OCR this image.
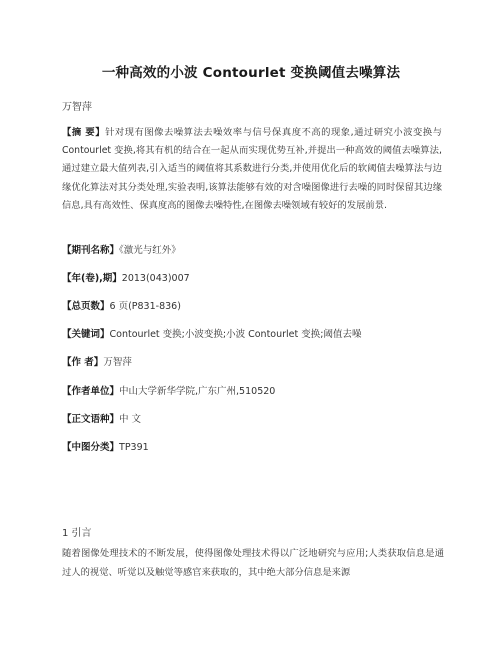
一种高效的小波 Contourlet 变换阈值去噪算法
万智萍
【摘 要】针对现有图像去噪算法去噪效率与信号保真度不高的现象,通过研究小波变换与 Contourlet 变换,将其有机的结合在一起从而实现优势互补,并提出一种高效的阈值去噪算法,通过建立最大值列表,引入适当的阈值将其系数进行分类,并使用优化后的软阈值去噪算法与边缘优化算法对其分类处理,实验表明,该算法能够有效的对含噪图像进行去噪的同时保留其边缘信息,具有高效性、保真度高的图像去噪特性,在图像去噪领域有较好的发展前景.
【期刊名称】《激光与红外》
【年(卷),期】2013(043)007
【总页数】6 页(P831-836)
【关键词】Contourlet 变换;小波变换;小波 Contourlet 变换;阈值去噪
【作 者】万智萍
【作者单位】中山大学新华学院,广东广州,510520
【正文语种】中 文
【中图分类】TP391
1 引言
随着图像处理技术的不断发展，使得图像处理技术得以广泛地研究与应用;人类获取信息是通过人的视觉、听觉以及触觉等感官来获取的，其中绝大部分信息是来源
